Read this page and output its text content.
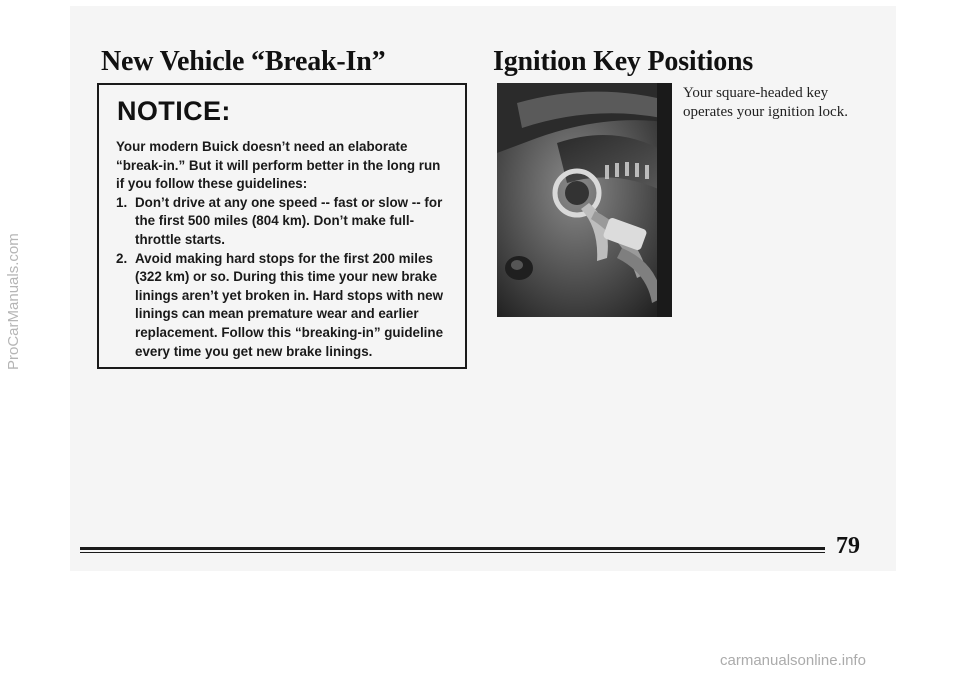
New Vehicle “Break-In”	Ignition Key Positions
NOTICE:

Your modern Buick doesn’t need an elaborate “break-in.” But it will perform better in the long run if you follow these guidelines:

1. Don’t drive at any one speed -- fast or slow -- for the first 500 miles (804 km). Don’t make full-throttle starts.
2. Avoid making hard stops for the first 200 miles (322 km) or so. During this time your new brake linings aren’t yet broken in. Hard stops with new linings can mean premature wear and earlier replacement. Follow this “breaking-in” guideline every time you get new brake linings.

Your square-headed key
operates your ignition lock.

79

ProCarManuals.com

carmanualsonline.info
